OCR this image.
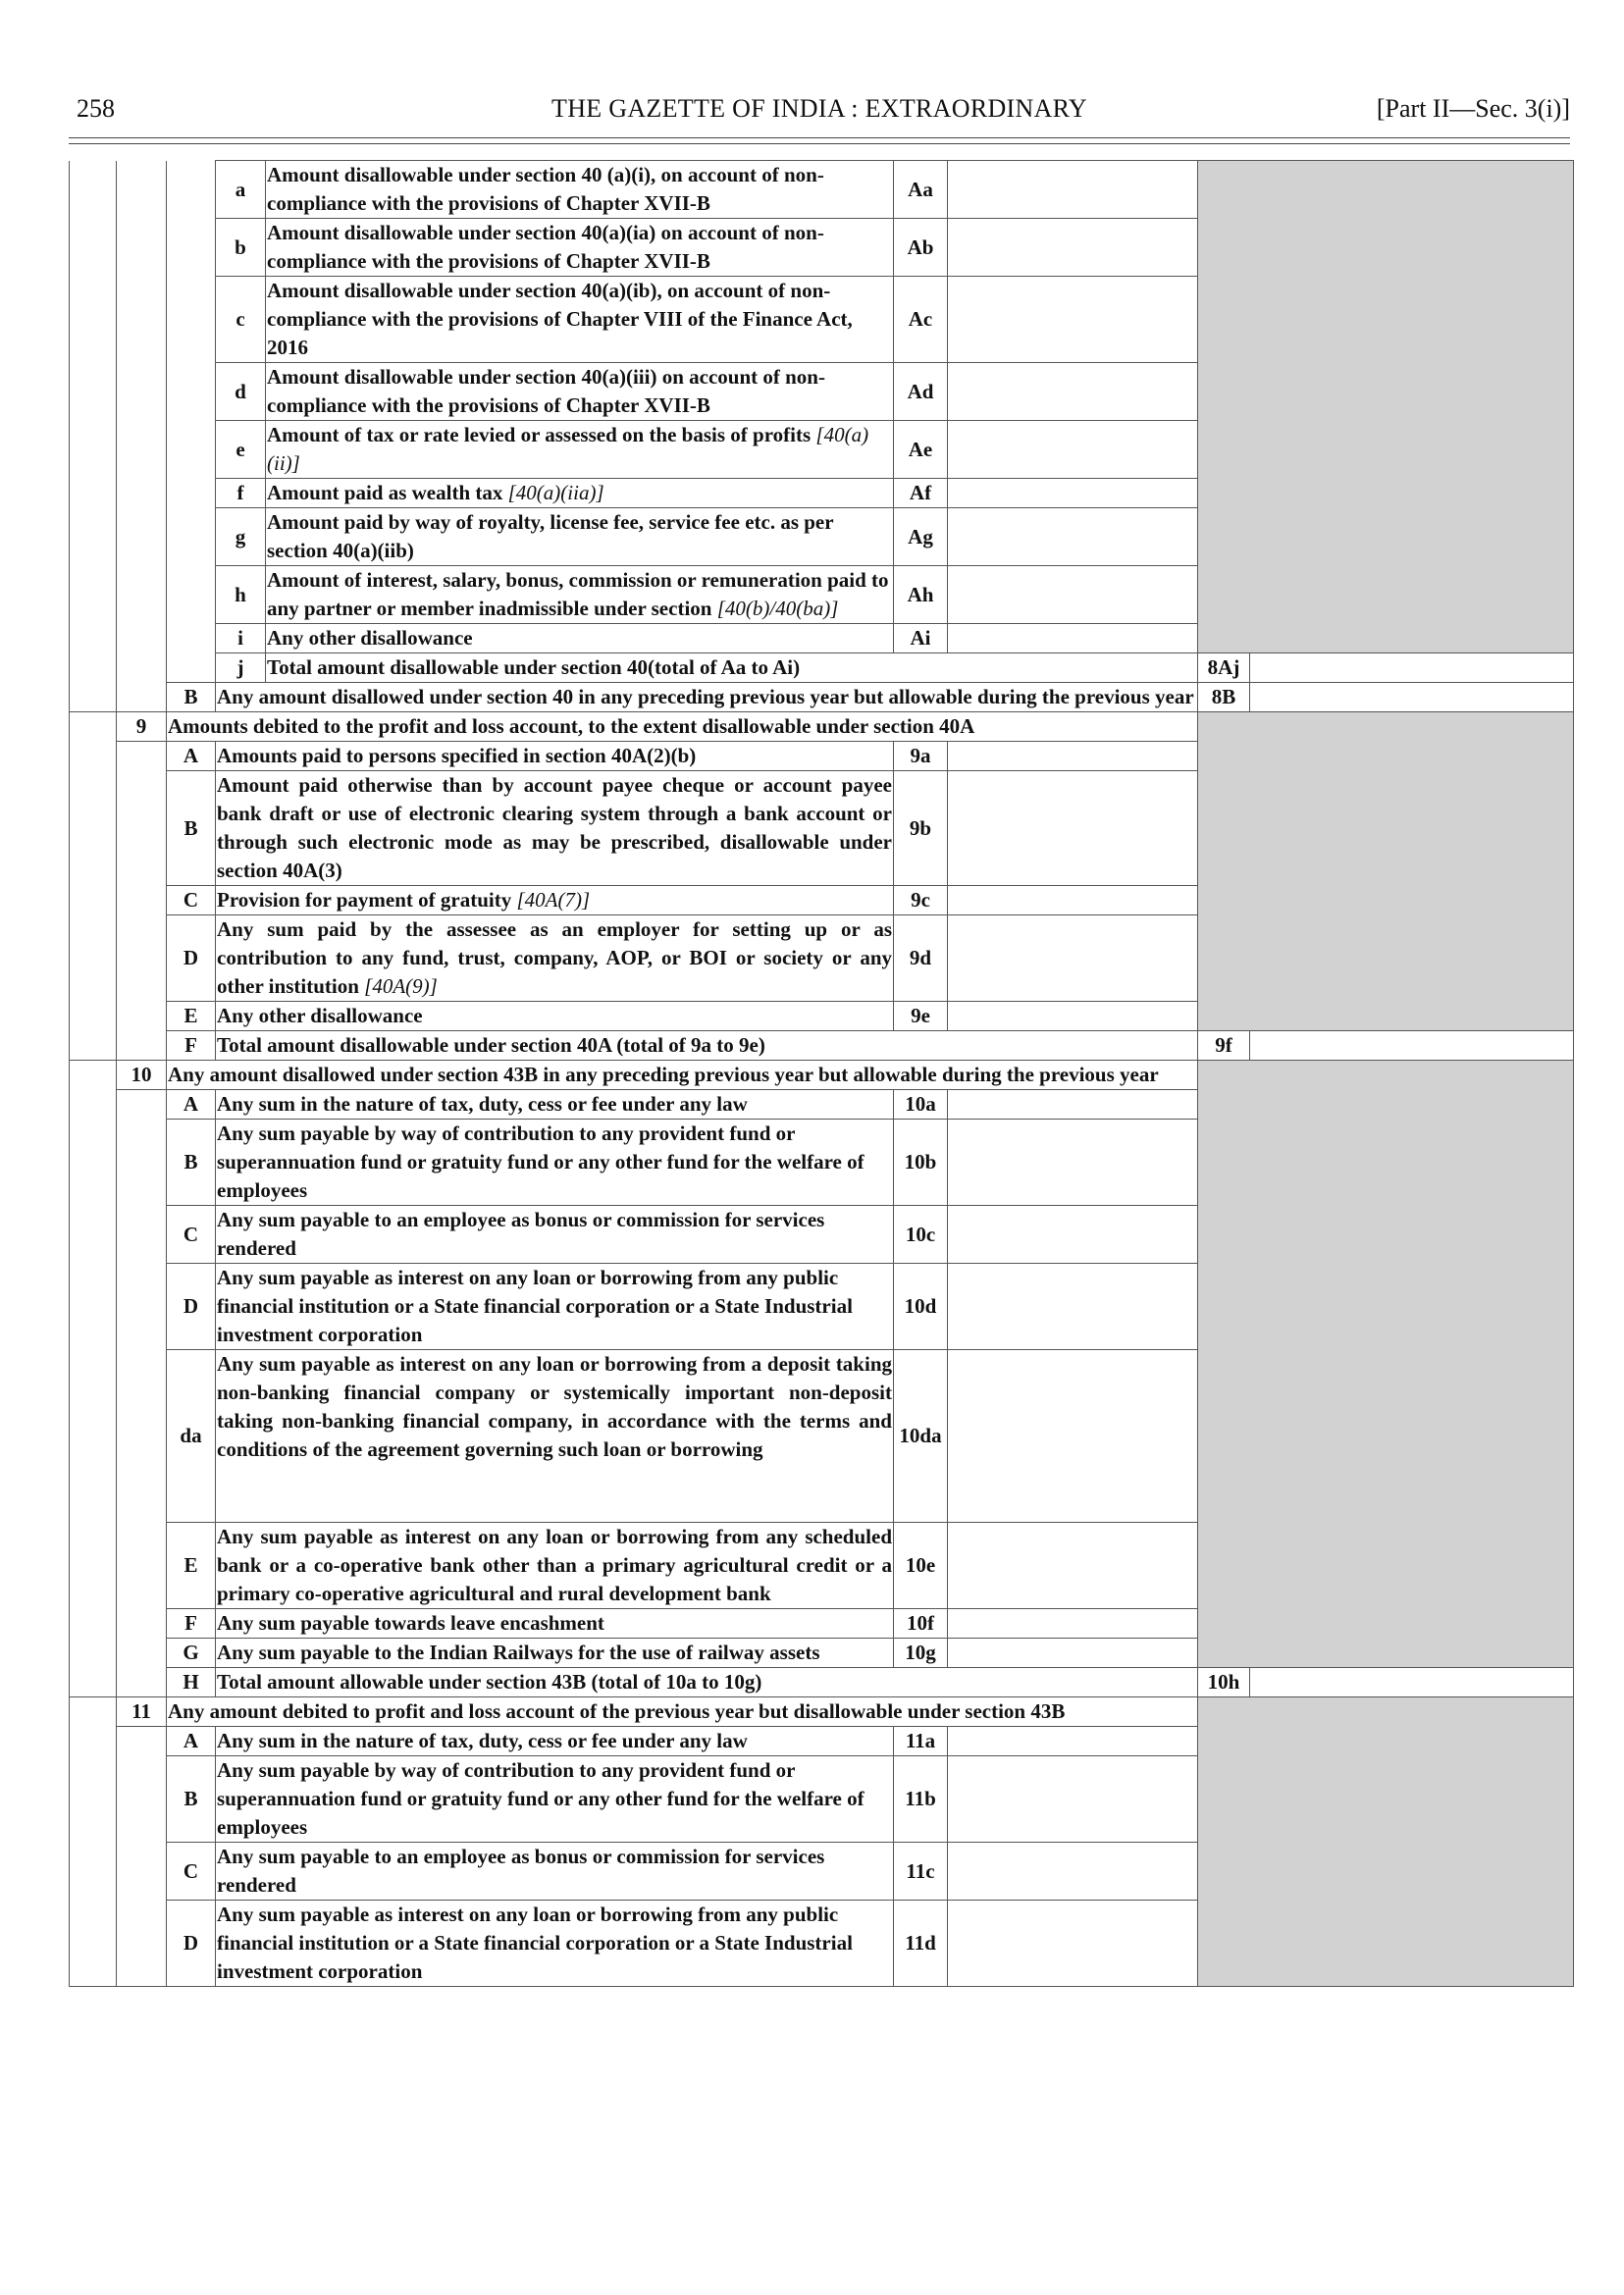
258	THE GAZETTE OF INDIA : EXTRAORDINARY	[Part II—Sec. 3(i)]
			a	Amount disallowable under section 40 (a)(i), on account of non-compliance with the provisions of Chapter XVII-B	Aa			
			b	Amount disallowable under section 40(a)(ia) on account of non-compliance with the provisions of Chapter XVII-B	Ab			
			c	Amount disallowable under section 40(a)(ib), on account of non-compliance with the provisions of Chapter VIII of the Finance Act, 2016	Ac			
			d	Amount disallowable under section 40(a)(iii) on account of non-compliance with the provisions of Chapter XVII-B	Ad			
			e	Amount of tax or rate levied or assessed on the basis of profits [40(a)(ii)]	Ae			
			f	Amount paid as wealth tax [40(a)(iia)]	Af			
			g	Amount paid by way of royalty, license fee, service fee etc. as per section 40(a)(iib)	Ag			
			h	Amount of interest, salary, bonus, commission or remuneration paid to any partner or member inadmissible under section [40(b)/40(ba)]	Ah			
			i	Any other disallowance	Ai			
			j	Total amount disallowable under section 40(total of Aa to Ai)			8Aj	
		B	Any amount disallowed under section 40 in any preceding previous year but allowable during the previous year				8B	
	9	Amounts debited to the profit and loss account, to the extent disallowable under section 40A						
		A	Amounts paid to persons specified in section 40A(2)(b)		9a			
		B	Amount paid otherwise than by account payee cheque or account payee bank draft or use of electronic clearing system through a bank account or through such electronic mode as may be prescribed, disallowable under section 40A(3)		9b			
		C	Provision for payment of gratuity [40A(7)]		9c			
		D	Any sum paid by the assessee as an employer for setting up or as contribution to any fund, trust, company, AOP, or BOI or society or any other institution [40A(9)]		9d			
		E	Any other disallowance		9e			
		F	Total amount disallowable under section 40A (total of 9a to 9e)				9f	
	10	Any amount disallowed under section 43B in any preceding previous year but allowable during the previous year						
		A	Any sum in the nature of tax, duty, cess or fee under any law		10a			
		B	Any sum payable by way of contribution to any provident fund or superannuation fund or gratuity fund or any other fund for the welfare of employees		10b			
		C	Any sum payable to an employee as bonus or commission for services rendered		10c			
		D	Any sum payable as interest on any loan or borrowing from any public financial institution or a State financial corporation or a State Industrial investment corporation		10d			
		da	Any sum payable as interest on any loan or borrowing from a deposit taking non-banking financial company or systemically important non-deposit taking non-banking financial company, in accordance with the terms and conditions of the agreement governing such loan or borrowing		10da			
		E	Any sum payable as interest on any loan or borrowing from any scheduled bank or a co-operative bank other than a primary agricultural credit or a primary co-operative agricultural and rural development bank		10e			
		F	Any sum payable towards leave encashment		10f			
		G	Any sum payable to the Indian Railways for the use of railway assets		10g			
		H	Total amount allowable under section 43B (total of 10a to 10g)				10h	
	11	Any amount debited to profit and loss account of the previous year but disallowable under section 43B						
		A	Any sum in the nature of tax, duty, cess or fee under any law		11a			
		B	Any sum payable by way of contribution to any provident fund or superannuation fund or gratuity fund or any other fund for the welfare of employees		11b			
		C	Any sum payable to an employee as bonus or commission for services rendered		11c			
		D	Any sum payable as interest on any loan or borrowing from any public financial institution or a State financial corporation or a State Industrial investment corporation		11d			
